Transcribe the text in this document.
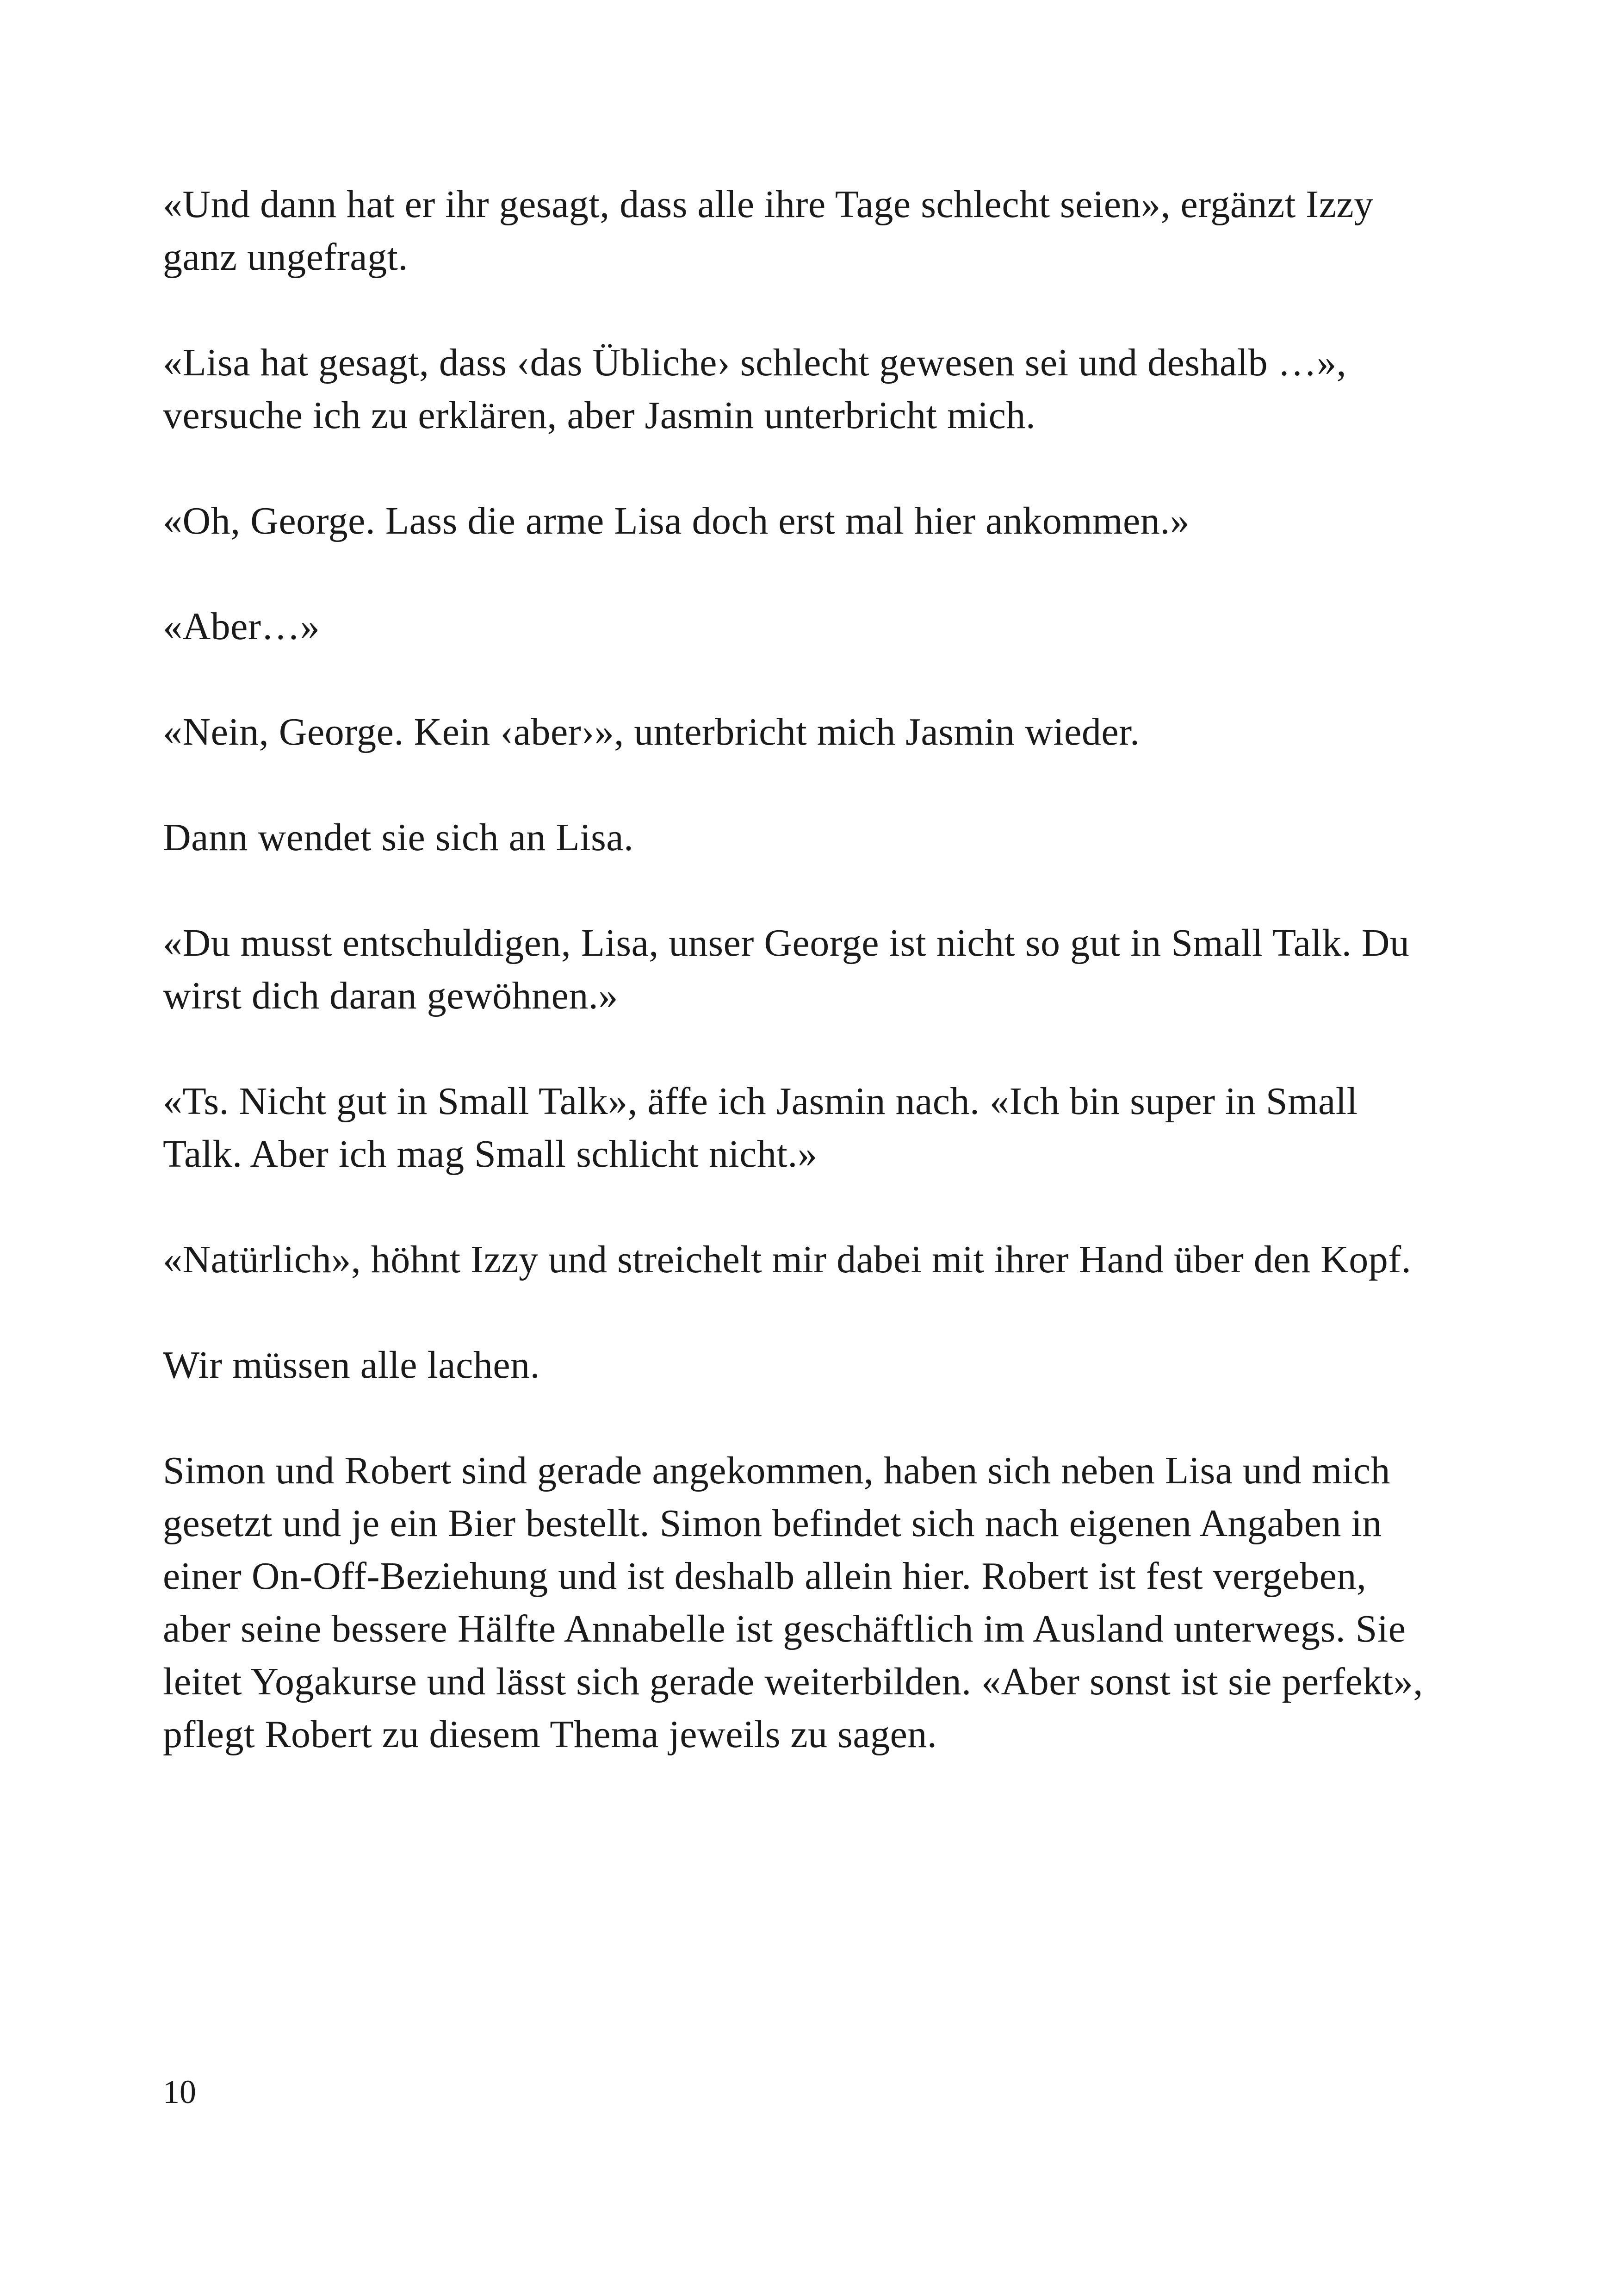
«Und dann hat er ihr gesagt, dass alle ihre Tage schlecht seien», ergänzt Izzy ganz ungefragt.

«Lisa hat gesagt, dass ‹das Übliche› schlecht gewesen sei und deshalb …», versuche ich zu erklären, aber Jasmin unterbricht mich.

«Oh, George. Lass die arme Lisa doch erst mal hier ankommen.»

«Aber…»

«Nein, George. Kein ‹aber›», unterbricht mich Jasmin wieder.

Dann wendet sie sich an Lisa.

«Du musst entschuldigen, Lisa, unser George ist nicht so gut in Small Talk. Du wirst dich daran gewöhnen.»

«Ts. Nicht gut in Small Talk», äffe ich Jasmin nach. «Ich bin super in Small Talk. Aber ich mag Small schlicht nicht.»

«Natürlich», höhnt Izzy und streichelt mir dabei mit ihrer Hand über den Kopf.

Wir müssen alle lachen.

Simon und Robert sind gerade angekommen, haben sich neben Lisa und mich gesetzt und je ein Bier bestellt. Simon befindet sich nach eigenen Angaben in einer On-Off-Beziehung und ist deshalb allein hier. Robert ist fest vergeben, aber seine bessere Hälfte Annabelle ist geschäftlich im Ausland unterwegs. Sie leitet Yogakurse und lässt sich gerade weiterbilden. «Aber sonst ist sie perfekt», pflegt Robert zu diesem Thema jeweils zu sagen.

10
